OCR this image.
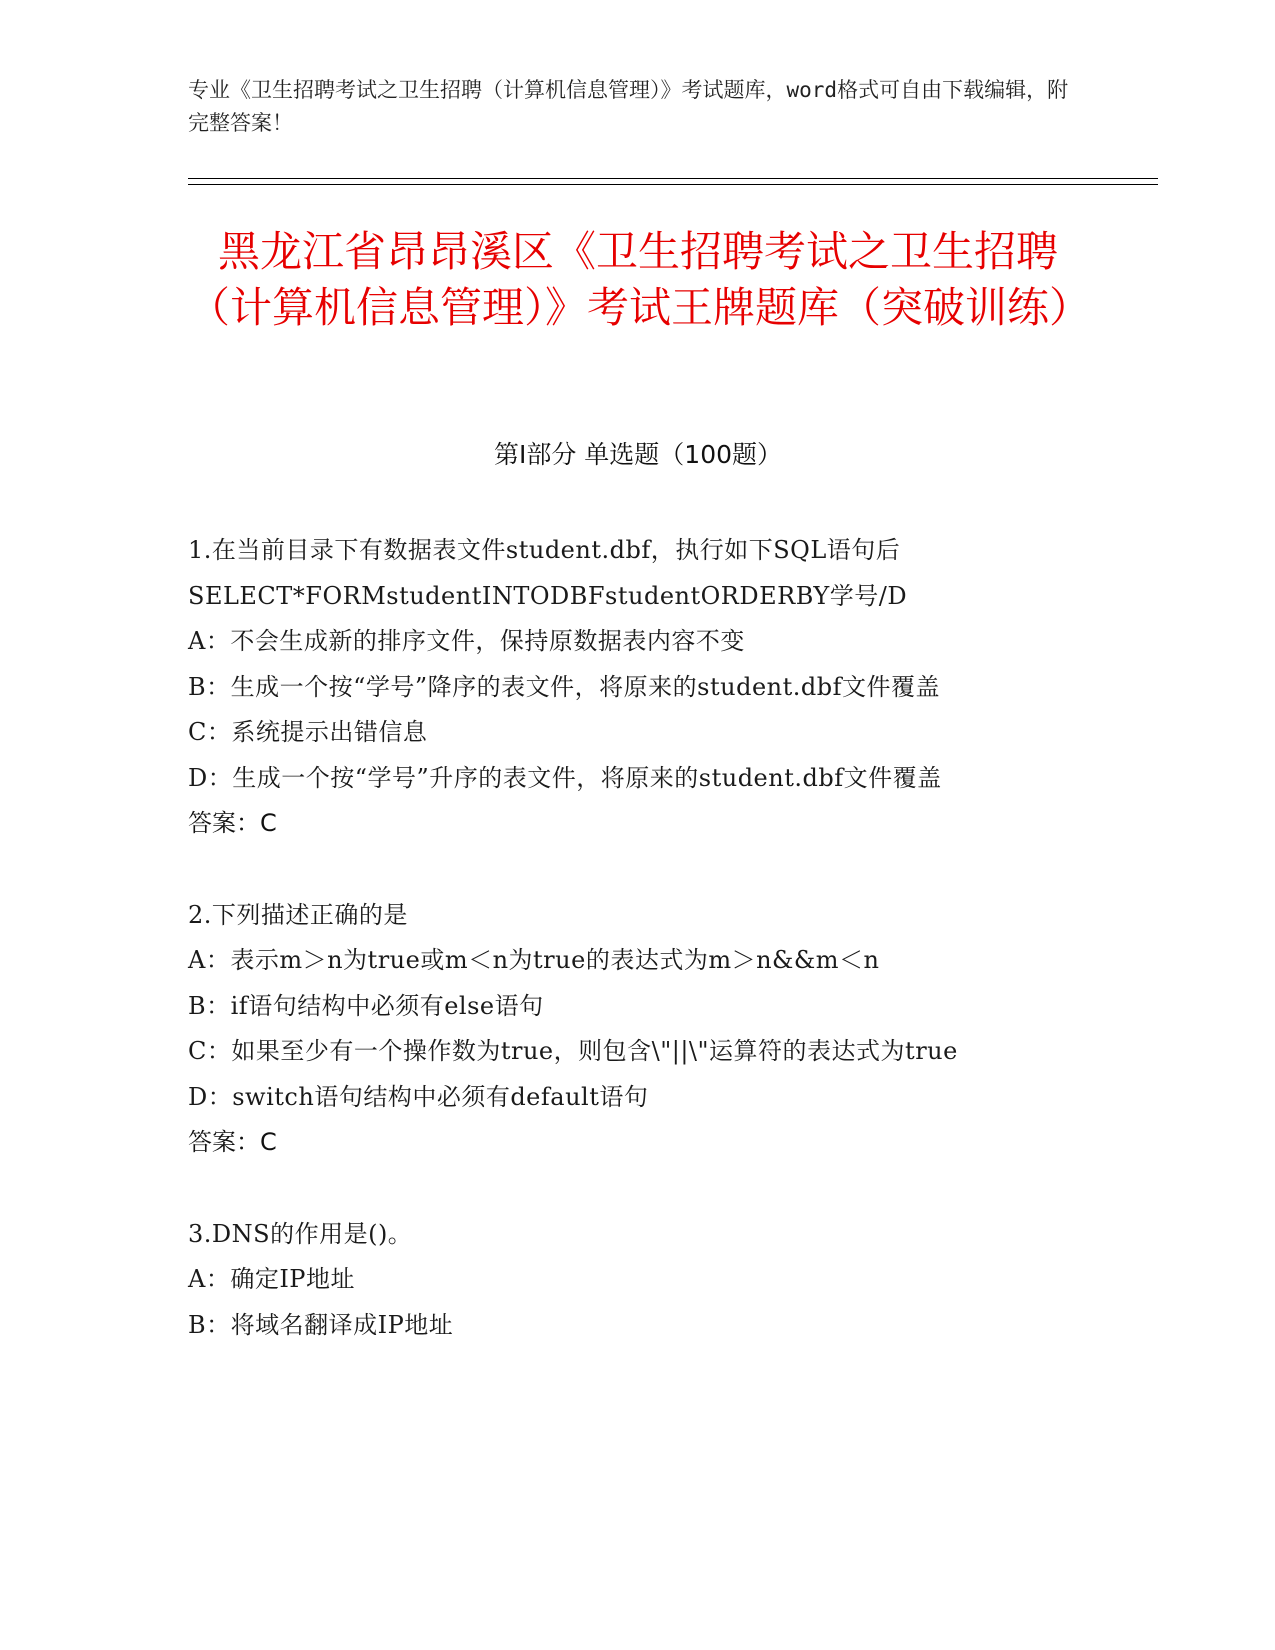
专业《卫生招聘考试之卫生招聘（计算机信息管理）》考试题库，word格式可自由下载编辑，附完整答案！
黑龙江省昂昂溪区《卫生招聘考试之卫生招聘（计算机信息管理）》考试王牌题库（突破训练）
第I部分 单选题（100题）

1.在当前目录下有数据表文件student.dbf，执行如下SQL语句后SELECT*FORMstudentINTODBFstudentORDERBY学号/D

A：不会生成新的排序文件，保持原数据表内容不变

B：生成一个按“学号”降序的表文件，将原来的student.dbf文件覆盖

C：系统提示出错信息

D：生成一个按“学号”升序的表文件，将原来的student.dbf文件覆盖

答案：C

2.下列描述正确的是

A：表示m＞n为true或m＜n为true的表达式为m＞n&&m＜n

B：if语句结构中必须有else语句

C：如果至少有一个操作数为true，则包含\"||\"运算符的表达式为true

D：switch语句结构中必须有default语句

答案：C

3.DNS的作用是()。

A：确定IP地址

B：将域名翻译成IP地址
